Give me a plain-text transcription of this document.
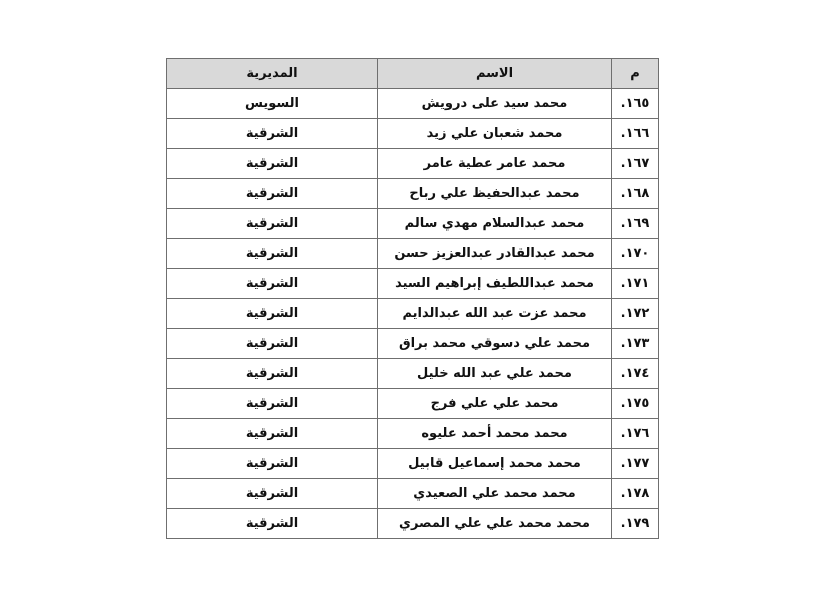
م	الاسم	المديرية
١٦٥.	محمد سيد على درويش	السويس
١٦٦.	محمد شعبان علي زيد	الشرقية
١٦٧.	محمد عامر عطية عامر	الشرقية
١٦٨.	محمد عبدالحفيظ علي رباح	الشرقية
١٦٩.	محمد عبدالسلام مهدي سالم	الشرقية
١٧٠.	محمد عبدالقادر عبدالعزيز حسن	الشرقية
١٧١.	محمد عبداللطيف إبراهيم السيد	الشرقية
١٧٢.	محمد عزت عبد الله عبدالدايم	الشرقية
١٧٣.	محمد علي دسوقي محمد براق	الشرقية
١٧٤.	محمد علي عبد الله خليل	الشرقية
١٧٥.	محمد علي علي فرج	الشرقية
١٧٦.	محمد محمد أحمد عليوه	الشرقية
١٧٧.	محمد محمد إسماعيل قابيل	الشرقية
١٧٨.	محمد محمد علي الصعيدي	الشرقية
١٧٩.	محمد محمد علي علي المصري	الشرقية
